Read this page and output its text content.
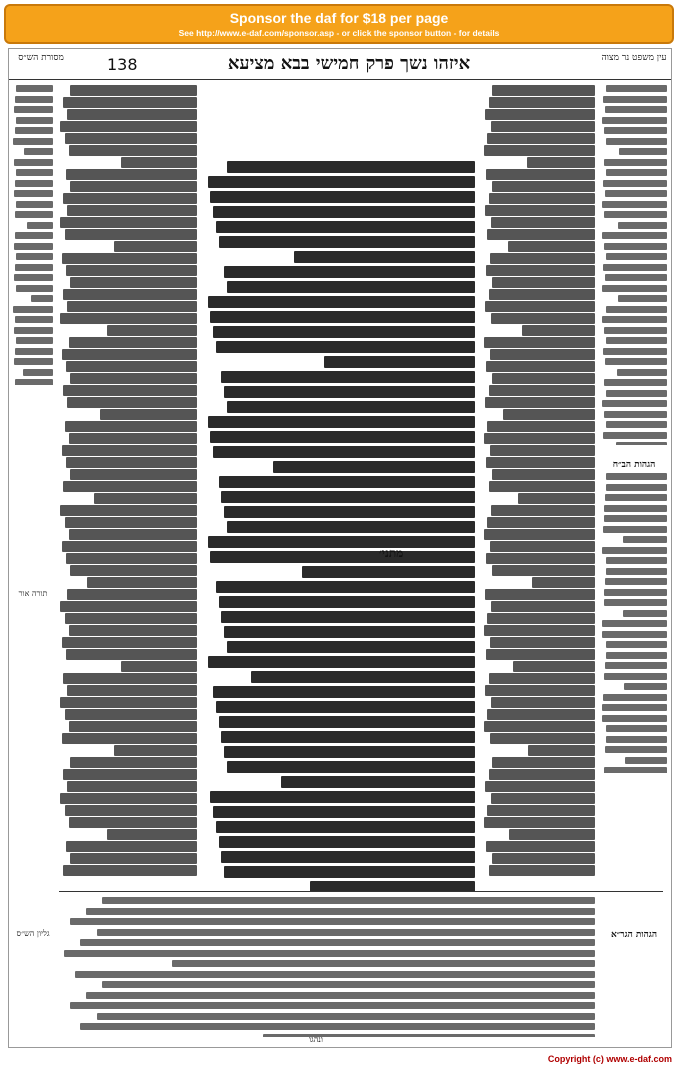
Sponsor the daf for $18 per page
See http://www.e-daf.com/sponsor.asp - or click the sponsor button - for details
מסורת הש״ס	איזהו נשך פרק חמישי בבא מציעא
138	עין משפט נר מצוה
תורה אור
גליון הש״ס
מתני׳
הגהות הב״ח
הגהות הגר״א
ונהגו
Copyright (c) www.e-daf.com
